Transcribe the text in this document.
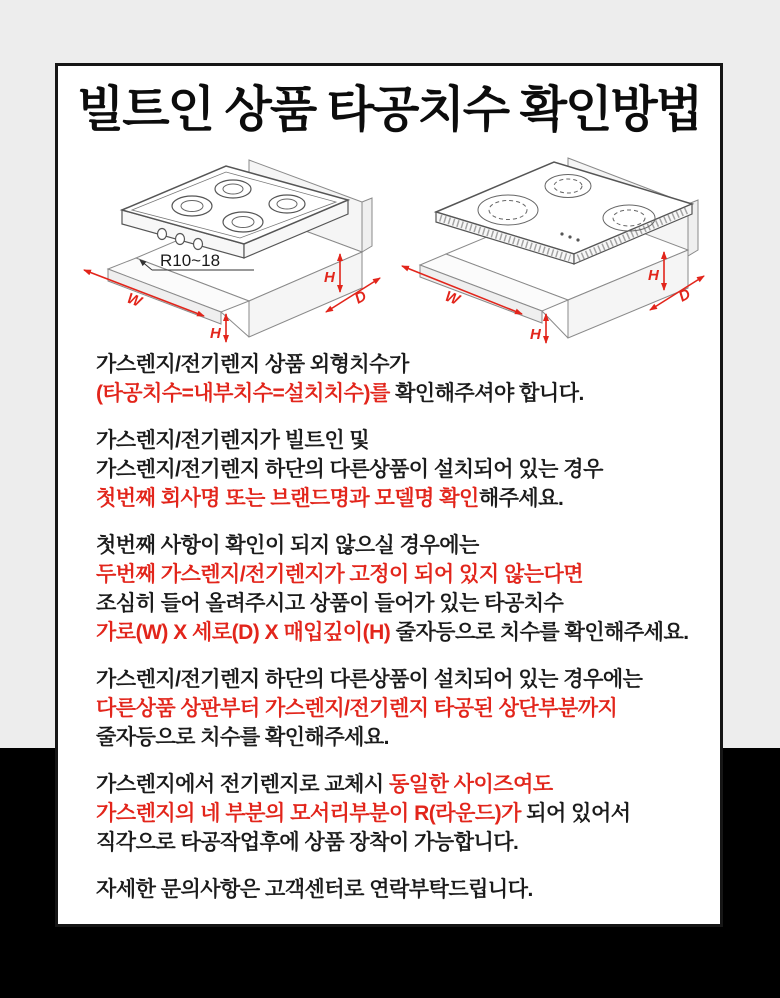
빌트인 상품 타공치수 확인방법
R10~18
W
H
H
D	W
H
H
D

가스렌지/전기렌지 상품 외형치수가
(타공치수=내부치수=설치치수)를 확인해주셔야 합니다.

가스렌지/전기렌지가 빌트인 및
가스렌지/전기렌지 하단의 다른상품이 설치되어 있는 경우
첫번째 회사명 또는 브랜드명과 모델명 확인해주세요.

첫번째 사항이 확인이 되지 않으실 경우에는
두번째 가스렌지/전기렌지가 고정이 되어 있지 않는다면
조심히 들어 올려주시고 상품이 들어가 있는 타공치수
가로(W) X 세로(D) X 매입깊이(H) 줄자등으로 치수를 확인해주세요.

가스렌지/전기렌지 하단의 다른상품이 설치되어 있는 경우에는
다른상품 상판부터 가스렌지/전기렌지 타공된 상단부분까지
줄자등으로 치수를 확인해주세요.

가스렌지에서 전기렌지로 교체시 동일한 사이즈여도
가스렌지의 네 부분의 모서리부분이 R(라운드)가 되어 있어서
직각으로 타공작업후에 상품 장착이 가능합니다.

자세한 문의사항은 고객센터로 연락부탁드립니다.
